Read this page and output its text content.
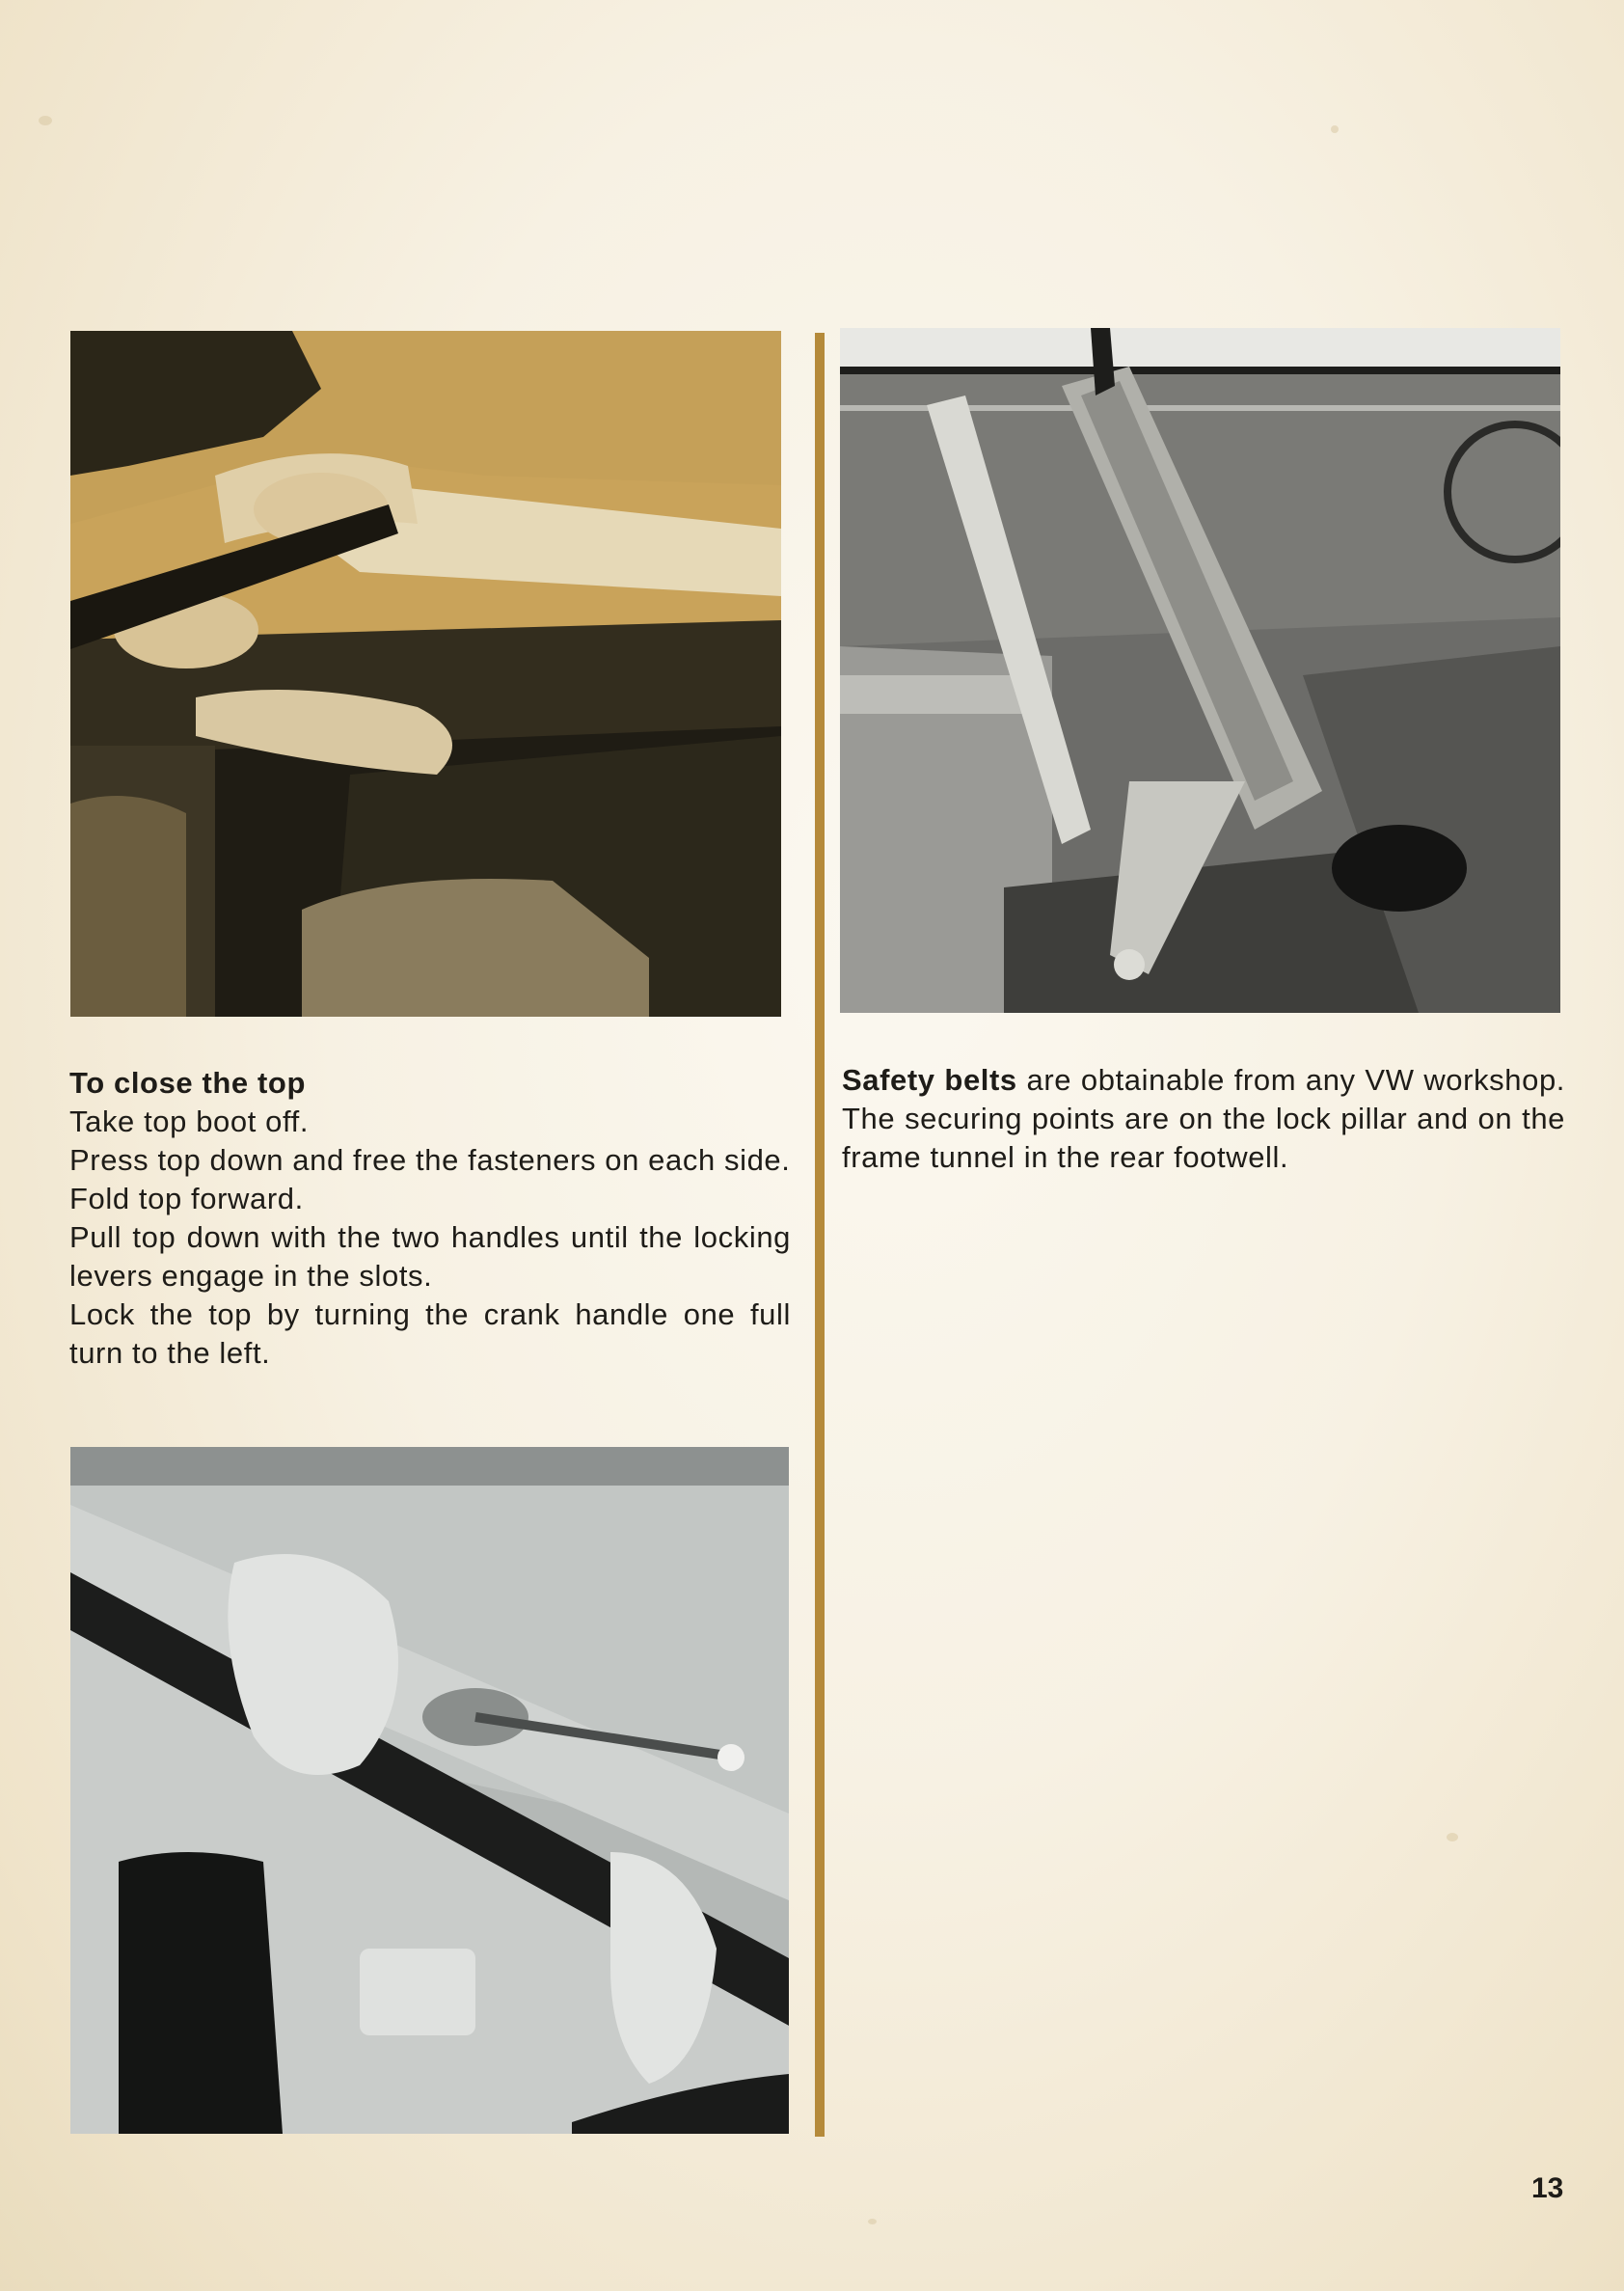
To close the top
Take top boot off.
Press top down and free the fasteners on each side.
Fold top forward.
Pull top down with the two handles until the locking levers engage in the slots.
Lock the top by turning the crank handle one full turn to the left.
Safety belts are obtainable from any VW workshop. The securing points are on the lock pillar and on the frame tunnel in the rear footwell.
13
